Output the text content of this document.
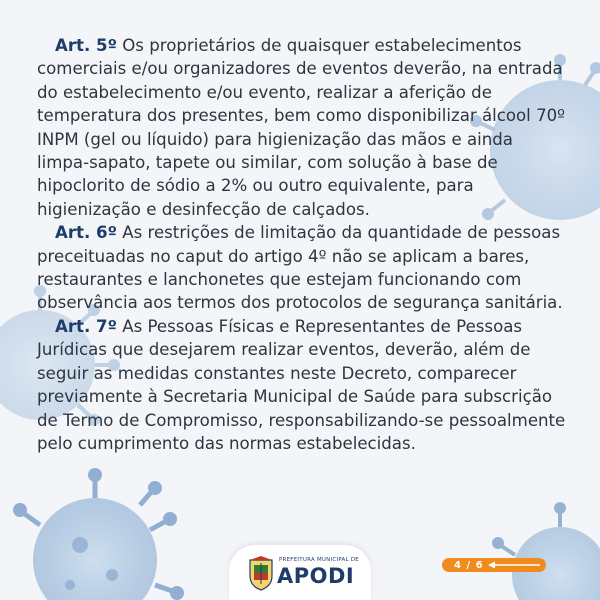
Art. 5º Os proprietários de quaisquer estabelecimentos comerciais e/ou organizadores de eventos deverão, na entrada do estabelecimento e/ou evento, realizar a aferição de temperatura dos presentes, bem como disponibilizar álcool 70º INPM (gel ou líquido) para higienização das mãos e ainda limpa-sapato, tapete ou similar, com solução à base de hipoclorito de sódio a 2% ou outro equivalente, para higienização e desinfecção de calçados.

Art. 6º As restrições de limitação da quantidade de pessoas preceituadas no caput do artigo 4º não se aplicam a bares, restaurantes e lanchonetes que estejam funcionando com observância aos termos dos protocolos de segurança sanitária.

Art. 7º As Pessoas Físicas e Representantes de Pessoas Jurídicas que desejarem realizar eventos, deverão, além de seguir as medidas constantes neste Decreto, comparecer previamente à Secretaria Municipal de Saúde para subscrição de Termo de Compromisso, responsabilizando-se pessoalmente pelo cumprimento das normas estabelecidas.

PREFEITURA MUNICIPAL DE
APODI	4 / 6
